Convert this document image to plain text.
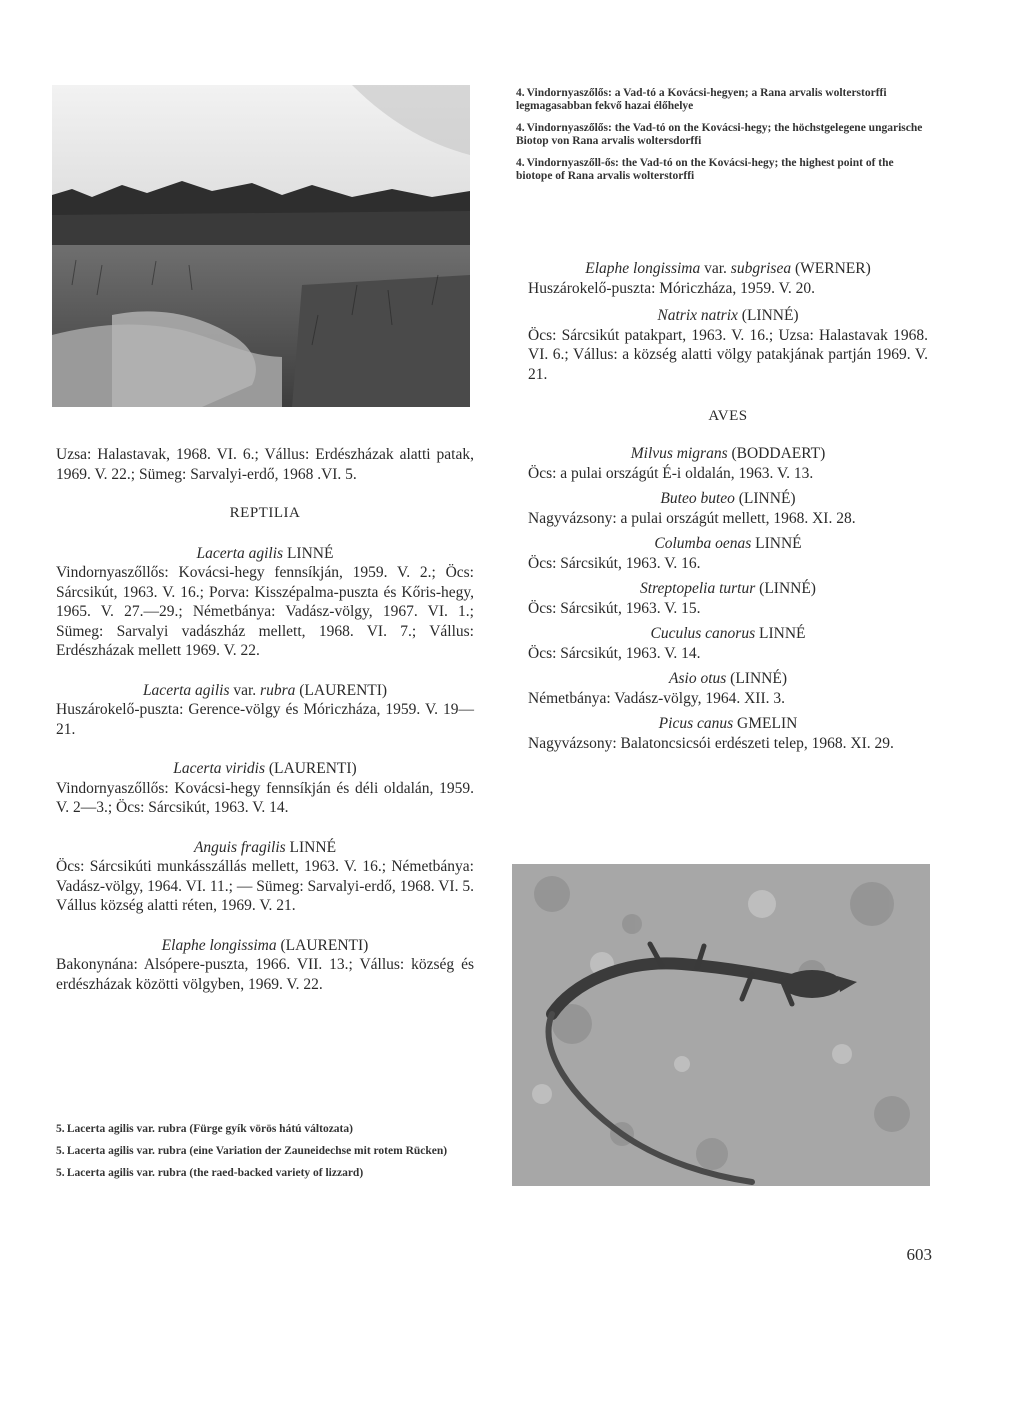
4. Vindornyaszőlős: a Vad-tó a Kovácsi-hegyen; a Rana arvalis wolterstorffi legmagasabban fekvő hazai élőhelye
4. Vindornyaszőlős: the Vad-tó on the Kovácsi-hegy; the höchstgelegene ungarische Biotop von Rana arvalis woltersdorffi
4. Vindornyaszőll-ős: the Vad-tó on the Kovácsi-hegy; the highest point of the biotope of Rana arvalis wolterstorffi
Elaphe longissima var. subgrisea (WERNER)
Huszárokelő-puszta: Móriczháza, 1959. V. 20.
Natrix natrix (LINNÉ)
Öcs: Sárcsikút patakpart, 1963. V. 16.; Uzsa: Halastavak 1968. VI. 6.; Vállus: a község alatti völgy patakjának partján 1969. V. 21.
AVES
Milvus migrans (BODDAERT)
Öcs: a pulai országút É-i oldalán, 1963. V. 13.
Buteo buteo (LINNÉ)
Nagyvázsony: a pulai országút mellett, 1968. XI. 28.
Columba oenas LINNÉ
Öcs: Sárcsikút, 1963. V. 16.
Streptopelia turtur (LINNÉ)
Öcs: Sárcsikút, 1963. V. 15.
Cuculus canorus LINNÉ
Öcs: Sárcsikút, 1963. V. 14.
Asio otus (LINNÉ)
Németbánya: Vadász-völgy, 1964. XII. 3.
Picus canus GMELIN
Nagyvázsony: Balatoncsicsói erdészeti telep, 1968. XI. 29.
Uzsa: Halastavak, 1968. VI. 6.; Vállus: Erdészházak alatti patak, 1969. V. 22.; Sümeg: Sarvalyi-erdő, 1968 .VI. 5.
REPTILIA
Lacerta agilis LINNÉ
Vindornyaszőllős: Kovácsi-hegy fennsíkján, 1959. V. 2.; Öcs: Sárcsikút, 1963. V. 16.; Porva: Kisszépalma-puszta és Kőris-hegy, 1965. V. 27.—29.; Németbánya: Vadász-völgy, 1967. VI. 1.; Sümeg: Sarvalyi vadászház mellett, 1968. VI. 7.; Vállus: Erdészházak mellett 1969. V. 22.
Lacerta agilis var. rubra (LAURENTI)
Huszárokelő-puszta: Gerence-völgy és Móriczháza, 1959. V. 19—21.
Lacerta viridis (LAURENTI)
Vindornyaszőllős: Kovácsi-hegy fennsíkján és déli oldalán, 1959. V. 2—3.; Öcs: Sárcsikút, 1963. V. 14.
Anguis fragilis LINNÉ
Öcs: Sárcsikúti munkásszállás mellett, 1963. V. 16.; Németbánya: Vadász-völgy, 1964. VI. 11.; — Sümeg: Sarvalyi-erdő, 1968. VI. 5. Vállus község alatti réten, 1969. V. 21.
Elaphe longissima (LAURENTI)
Bakonynána: Alsópere-puszta, 1966. VII. 13.; Vállus: község és erdészházak közötti völgyben, 1969. V. 22.
5. Lacerta agilis var. rubra (Fürge gyík vörös hátú változata)
5. Lacerta agilis var. rubra (eine Variation der Zauneidechse mit rotem Rücken)
5. Lacerta agilis var. rubra (the raed-backed variety of lizzard)
603
